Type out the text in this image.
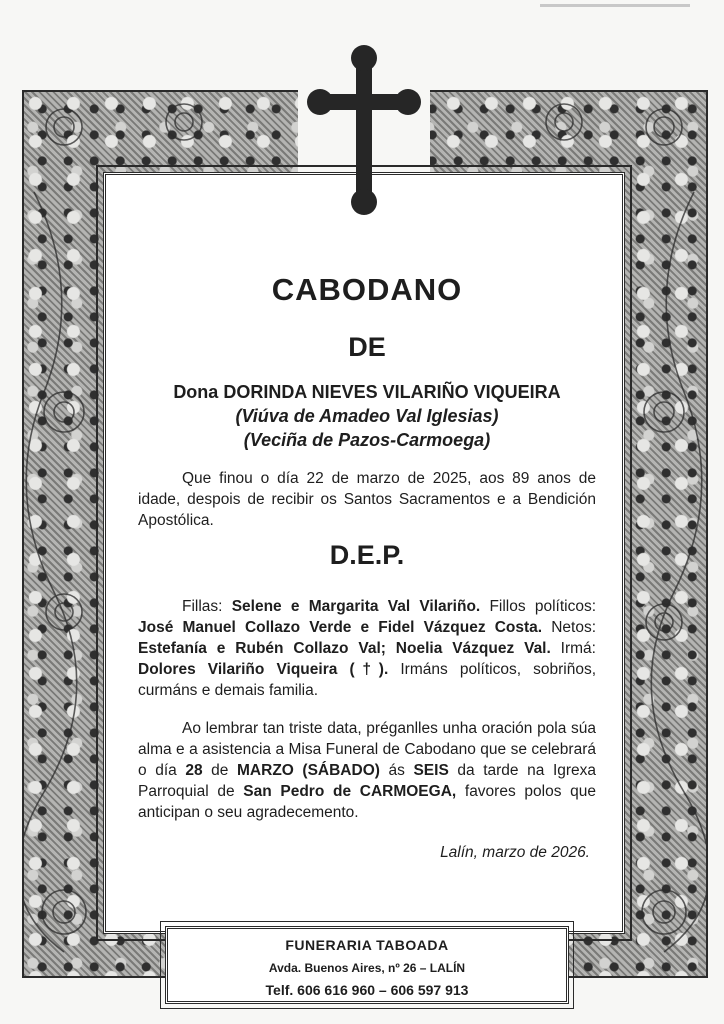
CABODANO
DE
Dona DORINDA NIEVES VILARIÑO VIQUEIRA
(Viúva de Amadeo Val Iglesias)
(Veciña de Pazos-Carmoega)

Que finou o día 22 de marzo de 2025, aos 89 anos de idade, despois de recibir os Santos Sacramentos e a Bendición Apostólica.

D.E.P.

Fillas: Selene e Margarita Val Vilariño. Fillos políticos: José Manuel Collazo Verde e Fidel Vázquez Costa. Netos: Estefanía e Rubén Collazo Val; Noelia Vázquez Val. Irmá: Dolores Vilariño Viqueira (†). Irmáns políticos, sobriños, curmáns e demais familia.

Ao lembrar tan triste data, préganlles unha oración pola súa alma e a asistencia a Misa Funeral de Cabodano que se celebrará o día 28 de MARZO (SÁBADO) ás SEIS da tarde na Igrexa Parroquial de San Pedro de CARMOEGA, favores polos que anticipan o seu agradecemento.

Lalín, marzo de 2026.
FUNERARIA TABOADA
Avda. Buenos Aires, nº 26 – LALÍN
Telf. 606 616 960 – 606 597 913
